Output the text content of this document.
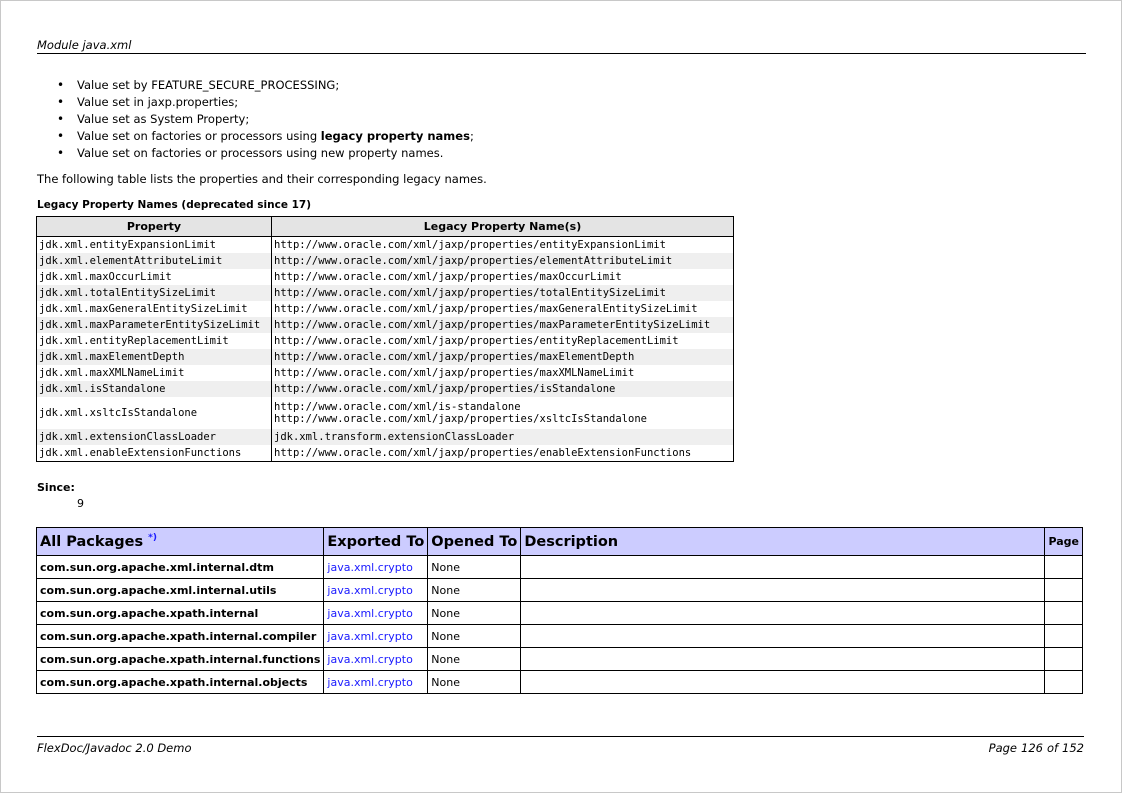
Module java.xml
• Value set by FEATURE_SECURE_PROCESSING;
• Value set in jaxp.properties;
• Value set as System Property;
• Value set on factories or processors using legacy property names;
• Value set on factories or processors using new property names.
The following table lists the properties and their corresponding legacy names.
Legacy Property Names (deprecated since 17)
Property	Legacy Property Name(s)
jdk.xml.entityExpansionLimit	http://www.oracle.com/xml/jaxp/properties/entityExpansionLimit

jdk.xml.elementAttributeLimit	http://www.oracle.com/xml/jaxp/properties/elementAttributeLimit

jdk.xml.maxOccurLimit	http://www.oracle.com/xml/jaxp/properties/maxOccurLimit

jdk.xml.totalEntitySizeLimit	http://www.oracle.com/xml/jaxp/properties/totalEntitySizeLimit

jdk.xml.maxGeneralEntitySizeLimit	http://www.oracle.com/xml/jaxp/properties/maxGeneralEntitySizeLimit

jdk.xml.maxParameterEntitySizeLimit	http://www.oracle.com/xml/jaxp/properties/maxParameterEntitySizeLimit

jdk.xml.entityReplacementLimit	http://www.oracle.com/xml/jaxp/properties/entityReplacementLimit

jdk.xml.maxElementDepth	http://www.oracle.com/xml/jaxp/properties/maxElementDepth

jdk.xml.maxXMLNameLimit	http://www.oracle.com/xml/jaxp/properties/maxXMLNameLimit

jdk.xml.isStandalone	http://www.oracle.com/xml/jaxp/properties/isStandalone

jdk.xml.xsltcIsStandalone	http://www.oracle.com/xml/is-standalone
http://www.oracle.com/xml/jaxp/properties/xsltcIsStandalone

jdk.xml.extensionClassLoader	jdk.xml.transform.extensionClassLoader

jdk.xml.enableExtensionFunctions	http://www.oracle.com/xml/jaxp/properties/enableExtensionFunctions
Since:
9
All Packages *)	Exported To	Opened To	Description	Page
com.sun.org.apache.xml.internal.dtm	java.xml.crypto	None		
com.sun.org.apache.xml.internal.utils	java.xml.crypto	None		
com.sun.org.apache.xpath.internal	java.xml.crypto	None		
com.sun.org.apache.xpath.internal.compiler	java.xml.crypto	None		
com.sun.org.apache.xpath.internal.functions	java.xml.crypto	None		
com.sun.org.apache.xpath.internal.objects	java.xml.crypto	None		
FlexDoc/Javadoc 2.0 Demo	Page 126 of 152
